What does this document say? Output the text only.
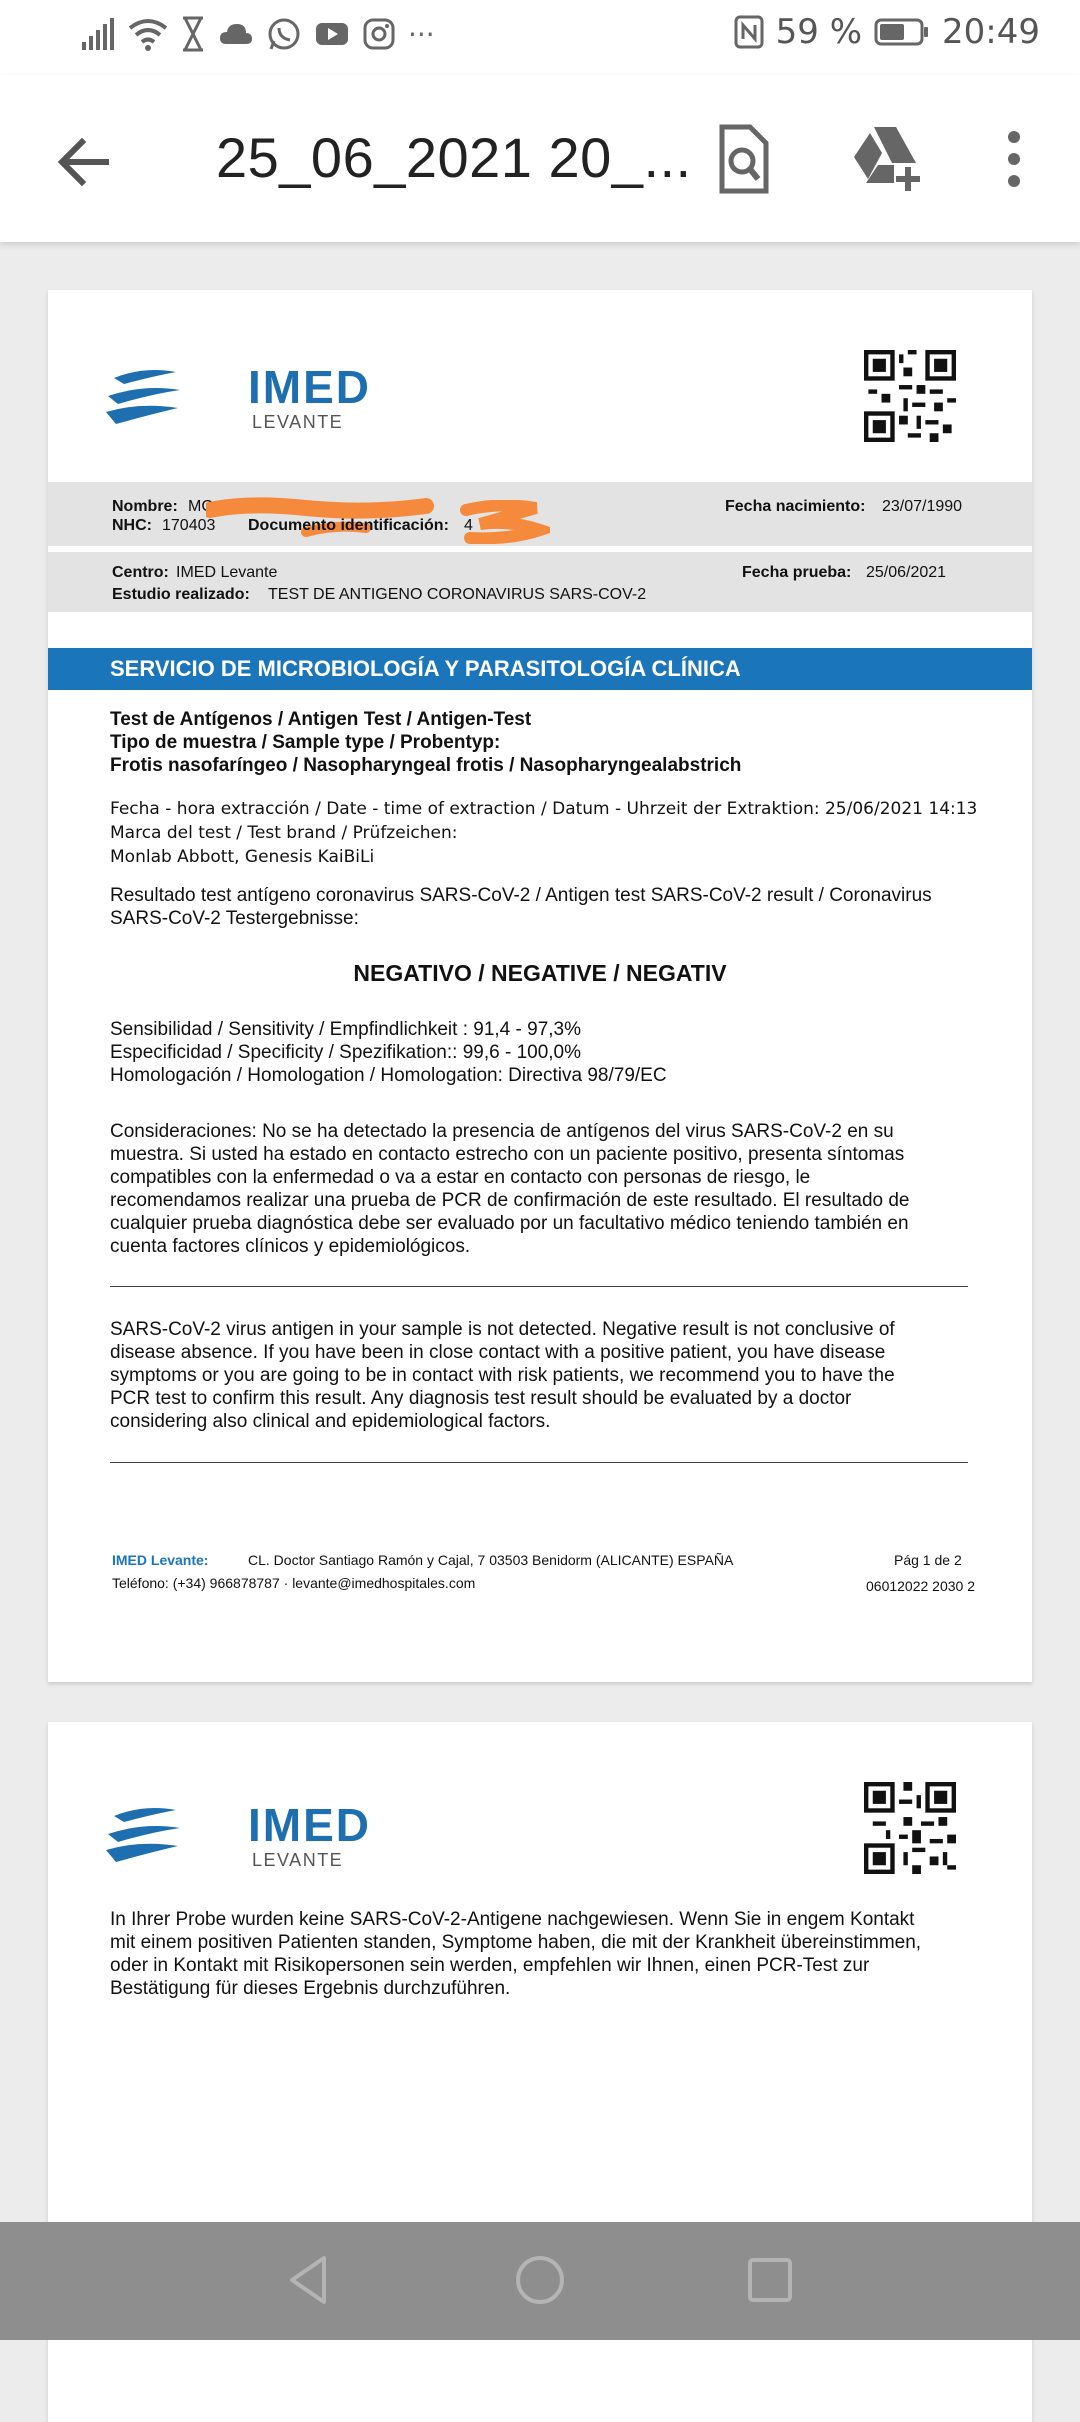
···	59 % 20:49
25_06_2021 20_...
IMED
LEVANTE
Nombre: MC
NHC: 170403 Documento identificación: 4
Fecha nacimiento: 23/07/1990
Centro: IMED Levante
Estudio realizado: TEST DE ANTIGENO CORONAVIRUS SARS-COV-2
Fecha prueba: 25/06/2021
SERVICIO DE MICROBIOLOGÍA Y PARASITOLOGÍA CLÍNICA
Test de Antígenos / Antigen Test / Antigen-Test
Tipo de muestra / Sample type / Probentyp:
Frotis nasofaríngeo / Nasopharyngeal frotis / Nasopharyngealabstrich
Fecha - hora extracción / Date - time of extraction / Datum - Uhrzeit der Extraktion: 25/06/2021 14:13
Marca del test / Test brand / Prüfzeichen:
Monlab Abbott, Genesis KaiBiLi
Resultado test antígeno coronavirus SARS-CoV-2 / Antigen test SARS-CoV-2 result / Coronavirus
SARS-CoV-2 Testergebnisse:
NEGATIVO / NEGATIVE / NEGATIV
Sensibilidad / Sensitivity / Empfindlichkeit : 91,4 - 97,3%
Especificidad / Specificity / Spezifikation:: 99,6 - 100,0%
Homologación / Homologation / Homologation: Directiva 98/79/EC
Consideraciones: No se ha detectado la presencia de antígenos del virus SARS-CoV-2 en su
muestra. Si usted ha estado en contacto estrecho con un paciente positivo, presenta síntomas
compatibles con la enfermedad o va a estar en contacto con personas de riesgo, le
recomendamos realizar una prueba de PCR de confirmación de este resultado. El resultado de
cualquier prueba diagnóstica debe ser evaluado por un facultativo médico teniendo también en
cuenta factores clínicos y epidemiológicos.
SARS-CoV-2 virus antigen in your sample is not detected. Negative result is not conclusive of
disease absence. If you have been in close contact with a positive patient, you have disease
symptoms or you are going to be in contact with risk patients, we recommend you to have the
PCR test to confirm this result. Any diagnosis test result should be evaluated by a doctor
considering also clinical and epidemiological factors.
IMED Levante:	CL. Doctor Santiago Ramón y Cajal, 7 03503 Benidorm (ALICANTE) ESPAÑA
Teléfono: (+34) 966878787 · levante@imedhospitales.com
Pág 1 de 2
06012022 2030 2
IMED
LEVANTE
In Ihrer Probe wurden keine SARS-CoV-2-Antigene nachgewiesen. Wenn Sie in engem Kontakt
mit einem positiven Patienten standen, Symptome haben, die mit der Krankheit übereinstimmen,
oder in Kontakt mit Risikopersonen sein werden, empfehlen wir Ihnen, einen PCR-Test zur
Bestätigung für dieses Ergebnis durchzuführen.
